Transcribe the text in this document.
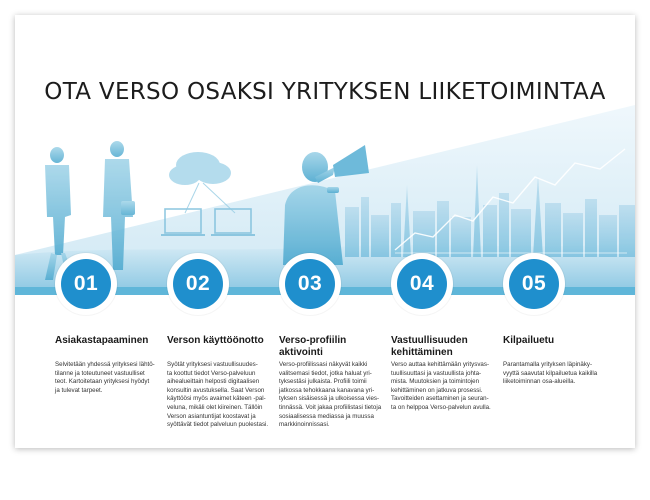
OTA VERSO OSAKSI YRITYKSEN LIIKETOIMINTAA
01
Asiakastapaaminen
Selvitetään yhdessä yrityksesi lähtö-
tilanne ja toteutuneet vastuulliset
teot. Kartoitetaan yrityksesi hyödyt
ja tulevat tarpeet.
02
Verson käyttöönotto
Syötät yrityksesi vastuullisuudes-
ta koottut tiedot Verso-palveluun
aihealueittain helposti digitaalisen
konsultin avustuksella. Saat Verson
käyttöösi myös avaimet käteen -pal-
veluna, mikäli olet kiireinen. Tällöin
Verson asiantuntijat koostavat ja
syöttävät tiedot palveluun puolestasi.
03
Verso-profiilin
aktivointi
Verso-profiilissasi näkyvät kaikki
valitsemasi tiedot, jotka haluat yri-
tyksestäsi julkaista. Profiili toimii
jatkossa tehokkaana kanavana yri-
tyksen sisäisessä ja ulkoisessa vies-
tinnässä. Voit jakaa profiilistasi tietoja
sosiaalisessa mediassa ja muussa
markkinoinnissasi.
04
Vastuullisuuden
kehittäminen
Verso auttaa kehittämään yritysvas-
tuullisuuttasi ja vastuullista johta-
mista. Muutoksien ja toimintojen
kehittäminen on jatkuva prosessi.
Tavoitteiden asettaminen ja seuran-
ta on helppoa Verso-palvelun avulla.
05
Kilpailuetu
Parantamalla yrityksen läpinäky-
vyyttä saavutat kilpailuetua kaikilla
liiketoiminnan osa-alueilla.
